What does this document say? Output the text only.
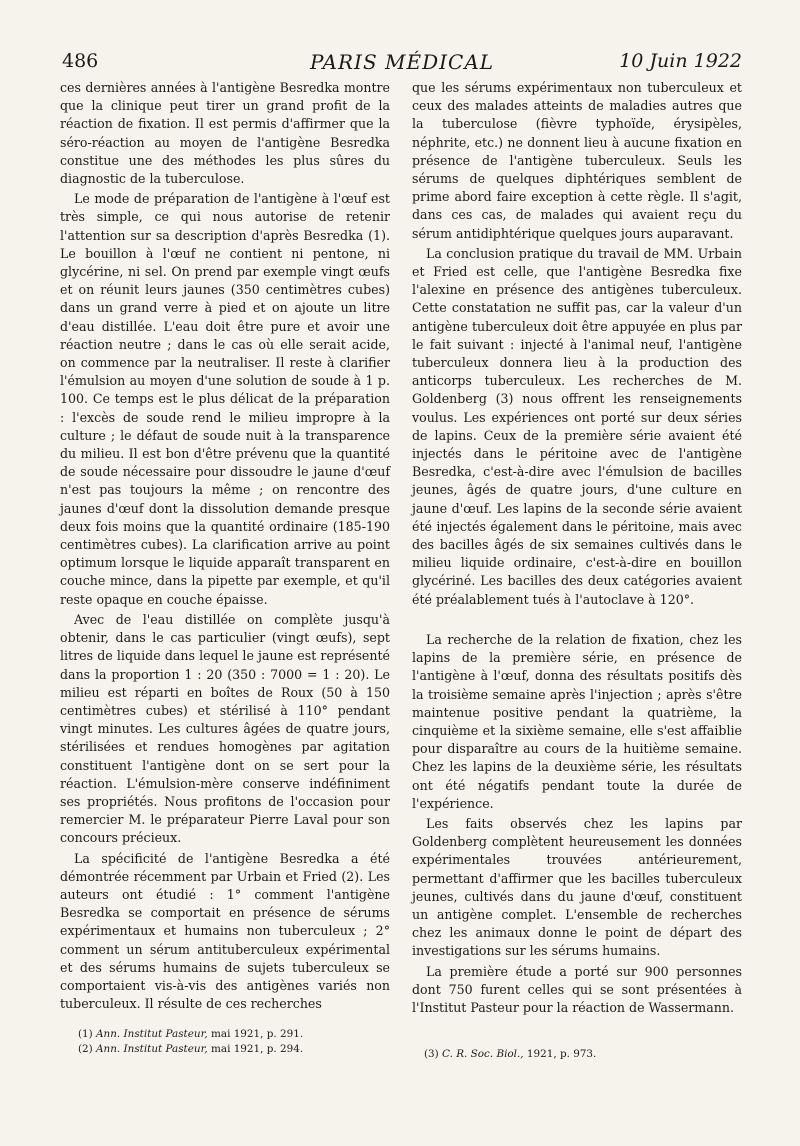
486	PARIS MÉDICAL	10 Juin 1922

ces dernières années à l'antigène Besredka montre que la clinique peut tirer un grand profit de la réaction de fixation. Il est permis d'affirmer que la séro-réaction au moyen de l'antigène Besredka constitue une des méthodes les plus sûres du diagnostic de la tuberculose.

Le mode de préparation de l'antigène à l'œuf est très simple, ce qui nous autorise de retenir l'attention sur sa description d'après Besredka (1). Le bouillon à l'œuf ne contient ni pentone, ni glycérine, ni sel. On prend par exemple vingt œufs et on réunit leurs jaunes (350 centimètres cubes) dans un grand verre à pied et on ajoute un litre d'eau distillée. L'eau doit être pure et avoir une réaction neutre ; dans le cas où elle serait acide, on commence par la neutraliser. Il reste à clarifier l'émulsion au moyen d'une solution de soude à 1 p. 100. Ce temps est le plus délicat de la préparation : l'excès de soude rend le milieu impropre à la culture ; le défaut de soude nuit à la transparence du milieu. Il est bon d'être prévenu que la quantité de soude nécessaire pour dissoudre le jaune d'œuf n'est pas toujours la même ; on rencontre des jaunes d'œuf dont la dissolution demande presque deux fois moins que la quantité ordinaire (185-190 centimètres cubes). La clarification arrive au point optimum lorsque le liquide apparaît transparent en couche mince, dans la pipette par exemple, et qu'il reste opaque en couche épaisse.

Avec de l'eau distillée on complète jusqu'à obtenir, dans le cas particulier (vingt œufs), sept litres de liquide dans lequel le jaune est représenté dans la proportion 1 : 20 (350 : 7000 = 1 : 20). Le milieu est réparti en boîtes de Roux (50 à 150 centimètres cubes) et stérilisé à 110° pendant vingt minutes. Les cultures âgées de quatre jours, stérilisées et rendues homogènes par agitation constituent l'antigène dont on se sert pour la réaction. L'émulsion-mère conserve indéfiniment ses propriétés. Nous profitons de l'occasion pour remercier M. le préparateur Pierre Laval pour son concours précieux.

La spécificité de l'antigène Besredka a été démontrée récemment par Urbain et Fried (2). Les auteurs ont étudié : 1° comment l'antigène Besredka se comportait en présence de sérums expérimentaux et humains non tuberculeux ; 2° comment un sérum antituberculeux expérimental et des sérums humains de sujets tuberculeux se comportaient vis-à-vis des antigènes variés non tuberculeux. Il résulte de ces recherches

que les sérums expérimentaux non tuberculeux et ceux des malades atteints de maladies autres que la tuberculose (fièvre typhoïde, érysipèles, néphrite, etc.) ne donnent lieu à aucune fixation en présence de l'antigène tuberculeux. Seuls les sérums de quelques diphtériques semblent de prime abord faire exception à cette règle. Il s'agit, dans ces cas, de malades qui avaient reçu du sérum antidiphtérique quelques jours auparavant.

La conclusion pratique du travail de MM. Urbain et Fried est celle, que l'antigène Besredka fixe l'alexine en présence des antigènes tuberculeux. Cette constatation ne suffit pas, car la valeur d'un antigène tuberculeux doit être appuyée en plus par le fait suivant : injecté à l'animal neuf, l'antigène tuberculeux donnera lieu à la production des anticorps tuberculeux. Les recherches de M. Goldenberg (3) nous offrent les renseignements voulus. Les expériences ont porté sur deux séries de lapins. Ceux de la première série avaient été injectés dans le péritoine avec de l'antigène Besredka, c'est-à-dire avec l'émulsion de bacilles jeunes, âgés de quatre jours, d'une culture en jaune d'œuf. Les lapins de la seconde série avaient été injectés également dans le péritoine, mais avec des bacilles âgés de six semaines cultivés dans le milieu liquide ordinaire, c'est-à-dire en bouillon glycériné. Les bacilles des deux catégories avaient été préalablement tués à l'autoclave à 120°.

La recherche de la relation de fixation, chez les lapins de la première série, en présence de l'antigène à l'œuf, donna des résultats positifs dès la troisième semaine après l'injection ; après s'être maintenue positive pendant la quatrième, la cinquième et la sixième semaine, elle s'est affaiblie pour disparaître au cours de la huitième semaine. Chez les lapins de la deuxième série, les résultats ont été négatifs pendant toute la durée de l'expérience.

Les faits observés chez les lapins par Goldenberg complètent heureusement les données expérimentales trouvées antérieurement, permettant d'affirmer que les bacilles tuberculeux jeunes, cultivés dans du jaune d'œuf, constituent un antigène complet. L'ensemble de recherches chez les animaux donne le point de départ des investigations sur les sérums humains.

La première étude a porté sur 900 personnes dont 750 furent celles qui se sont présentées à l'Institut Pasteur pour la réaction de Wassermann.

(1) Ann. Institut Pasteur, mai 1921, p. 291.
(2) Ann. Institut Pasteur, mai 1921, p. 294.	(3) C. R. Soc. Biol., 1921, p. 973.
